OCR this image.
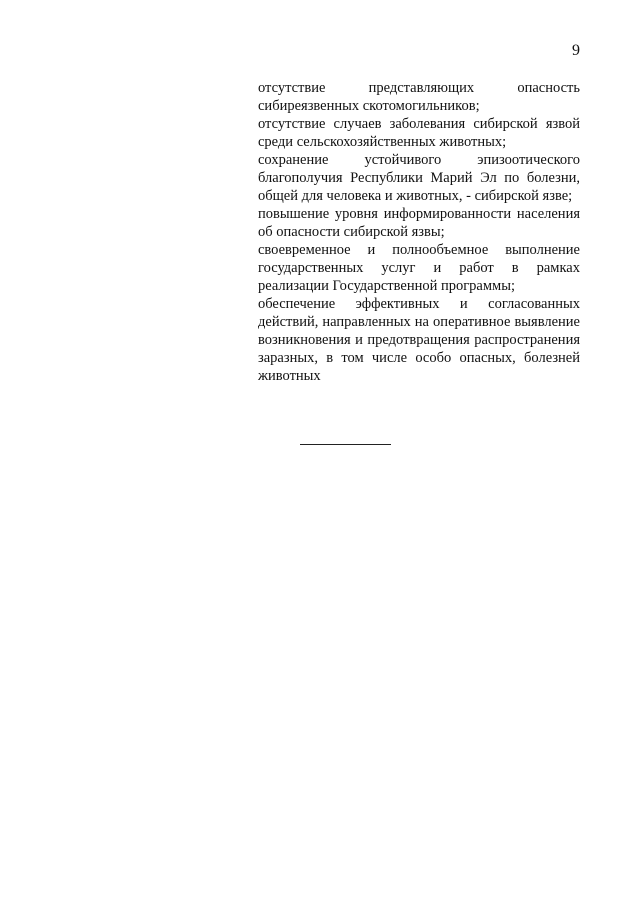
9

отсутствие представляющих опасность сибиреязвенных скотомогильников;

отсутствие случаев заболевания сибирской язвой среди сельскохозяйственных животных;

сохранение устойчивого эпизоотического благополучия Республики Марий Эл по болезни, общей для человека и животных, - сибирской язве;

повышение уровня информированности населения об опасности сибирской язвы;

своевременное и полнообъемное выполнение государственных услуг и работ в рамках реализации Государственной программы;

обеспечение эффективных и согласованных действий, направленных на оперативное выявление возникновения и предотвращения распространения заразных, в том числе особо опасных, болезней животных
